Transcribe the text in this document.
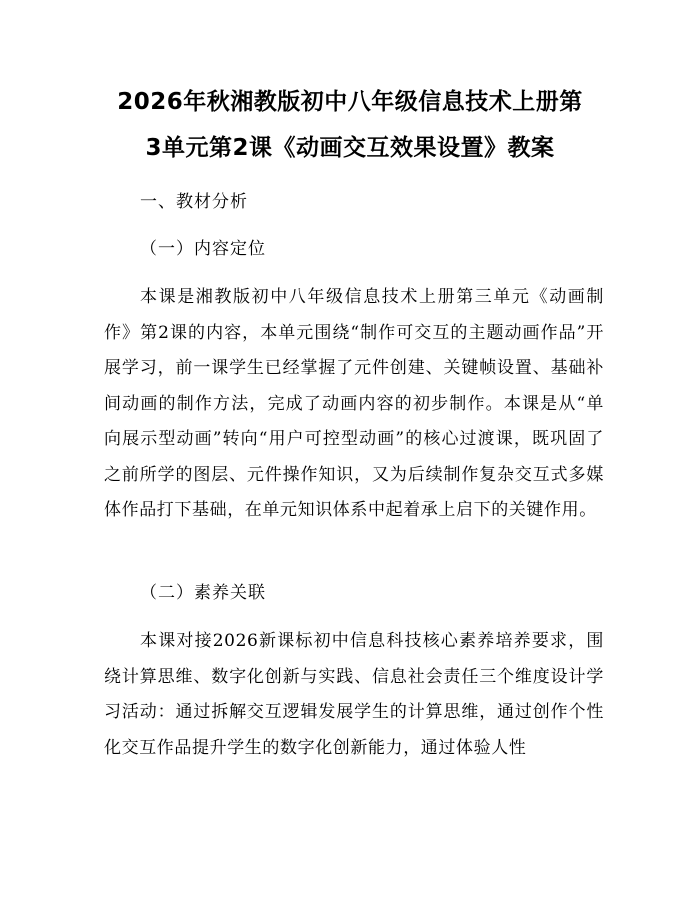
2026年秋湘教版初中八年级信息技术上册第
3单元第2课《动画交互效果设置》教案
一、教材分析
（一）内容定位

本课是湘教版初中八年级信息技术上册第三单元《动画制作》第2课的内容，本单元围绕“制作可交互的主题动画作品”开展学习，前一课学生已经掌握了元件创建、关键帧设置、基础补间动画的制作方法，完成了动画内容的初步制作。本课是从“单向展示型动画”转向“用户可控型动画”的核心过渡课，既巩固了之前所学的图层、元件操作知识，又为后续制作复杂交互式多媒体作品打下基础，在单元知识体系中起着承上启下的关键作用。

（二）素养关联

本课对接2026新课标初中信息科技核心素养培养要求，围绕计算思维、数字化创新与实践、信息社会责任三个维度设计学习活动：通过拆解交互逻辑发展学生的计算思维，通过创作个性化交互作品提升学生的数字化创新能力，通过体验人性
